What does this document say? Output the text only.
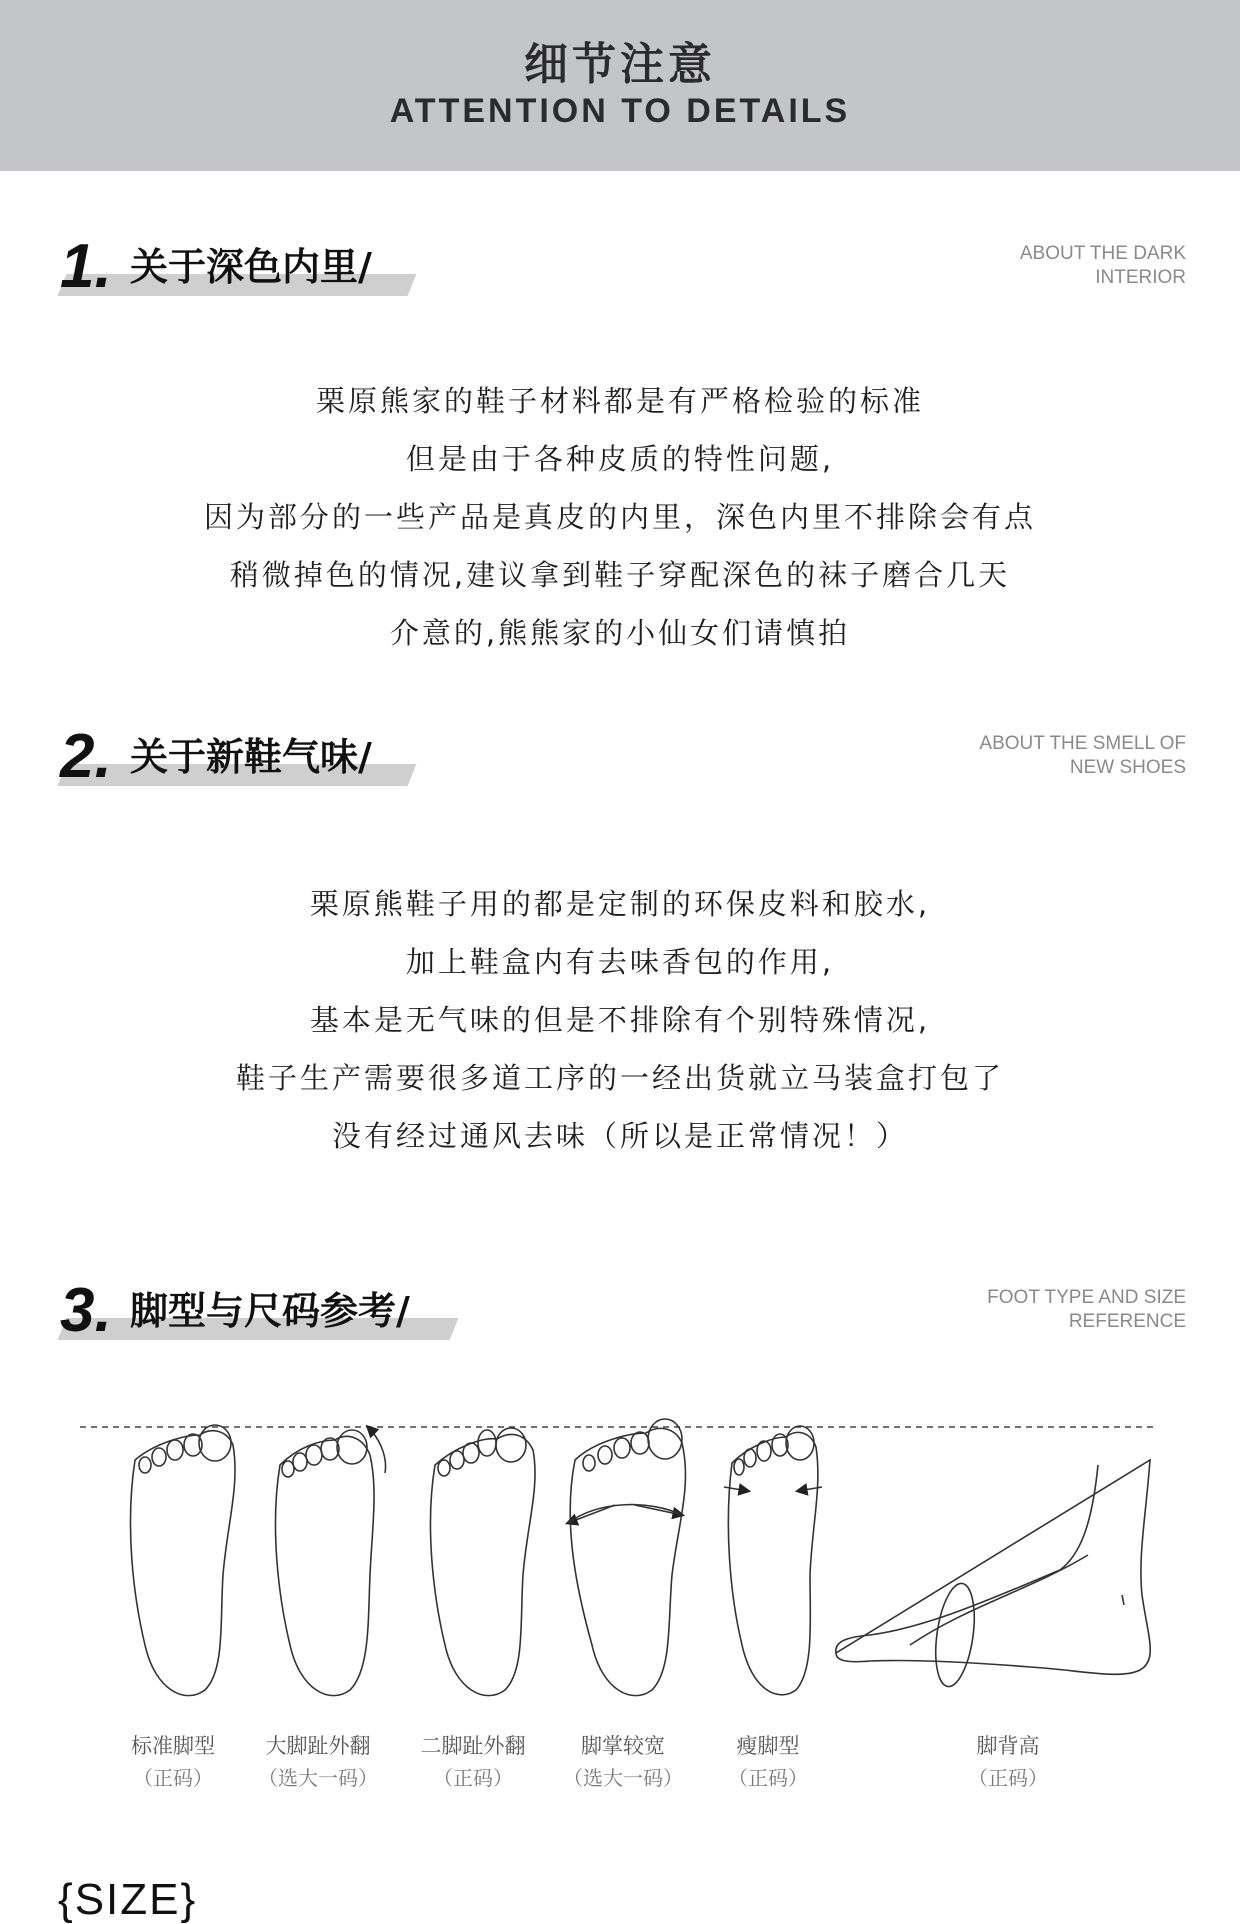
细节注意
ATTENTION TO DETAILS
1. 关于深色内里/	ABOUT THE DARK
INTERIOR
栗原熊家的鞋子材料都是有严格检验的标准
但是由于各种皮质的特性问题,
因为部分的一些产品是真皮的内里，深色内里不排除会有点
稍微掉色的情况,建议拿到鞋子穿配深色的袜子磨合几天
介意的,熊熊家的小仙女们请慎拍
2. 关于新鞋气味/	ABOUT THE SMELL OF
NEW SHOES
栗原熊鞋子用的都是定制的环保皮料和胶水,
加上鞋盒内有去味香包的作用,
基本是无气味的但是不排除有个别特殊情况,
鞋子生产需要很多道工序的一经出货就立马装盒打包了
没有经过通风去味（所以是正常情况！）
3. 脚型与尺码参考/	FOOT TYPE AND SIZE
REFERENCE
标准脚型
（正码）
大脚趾外翻
（选大一码）
二脚趾外翻
（正码）
脚掌较宽
（选大一码）
瘦脚型
（正码）
脚背高
（正码）
{SIZE}
